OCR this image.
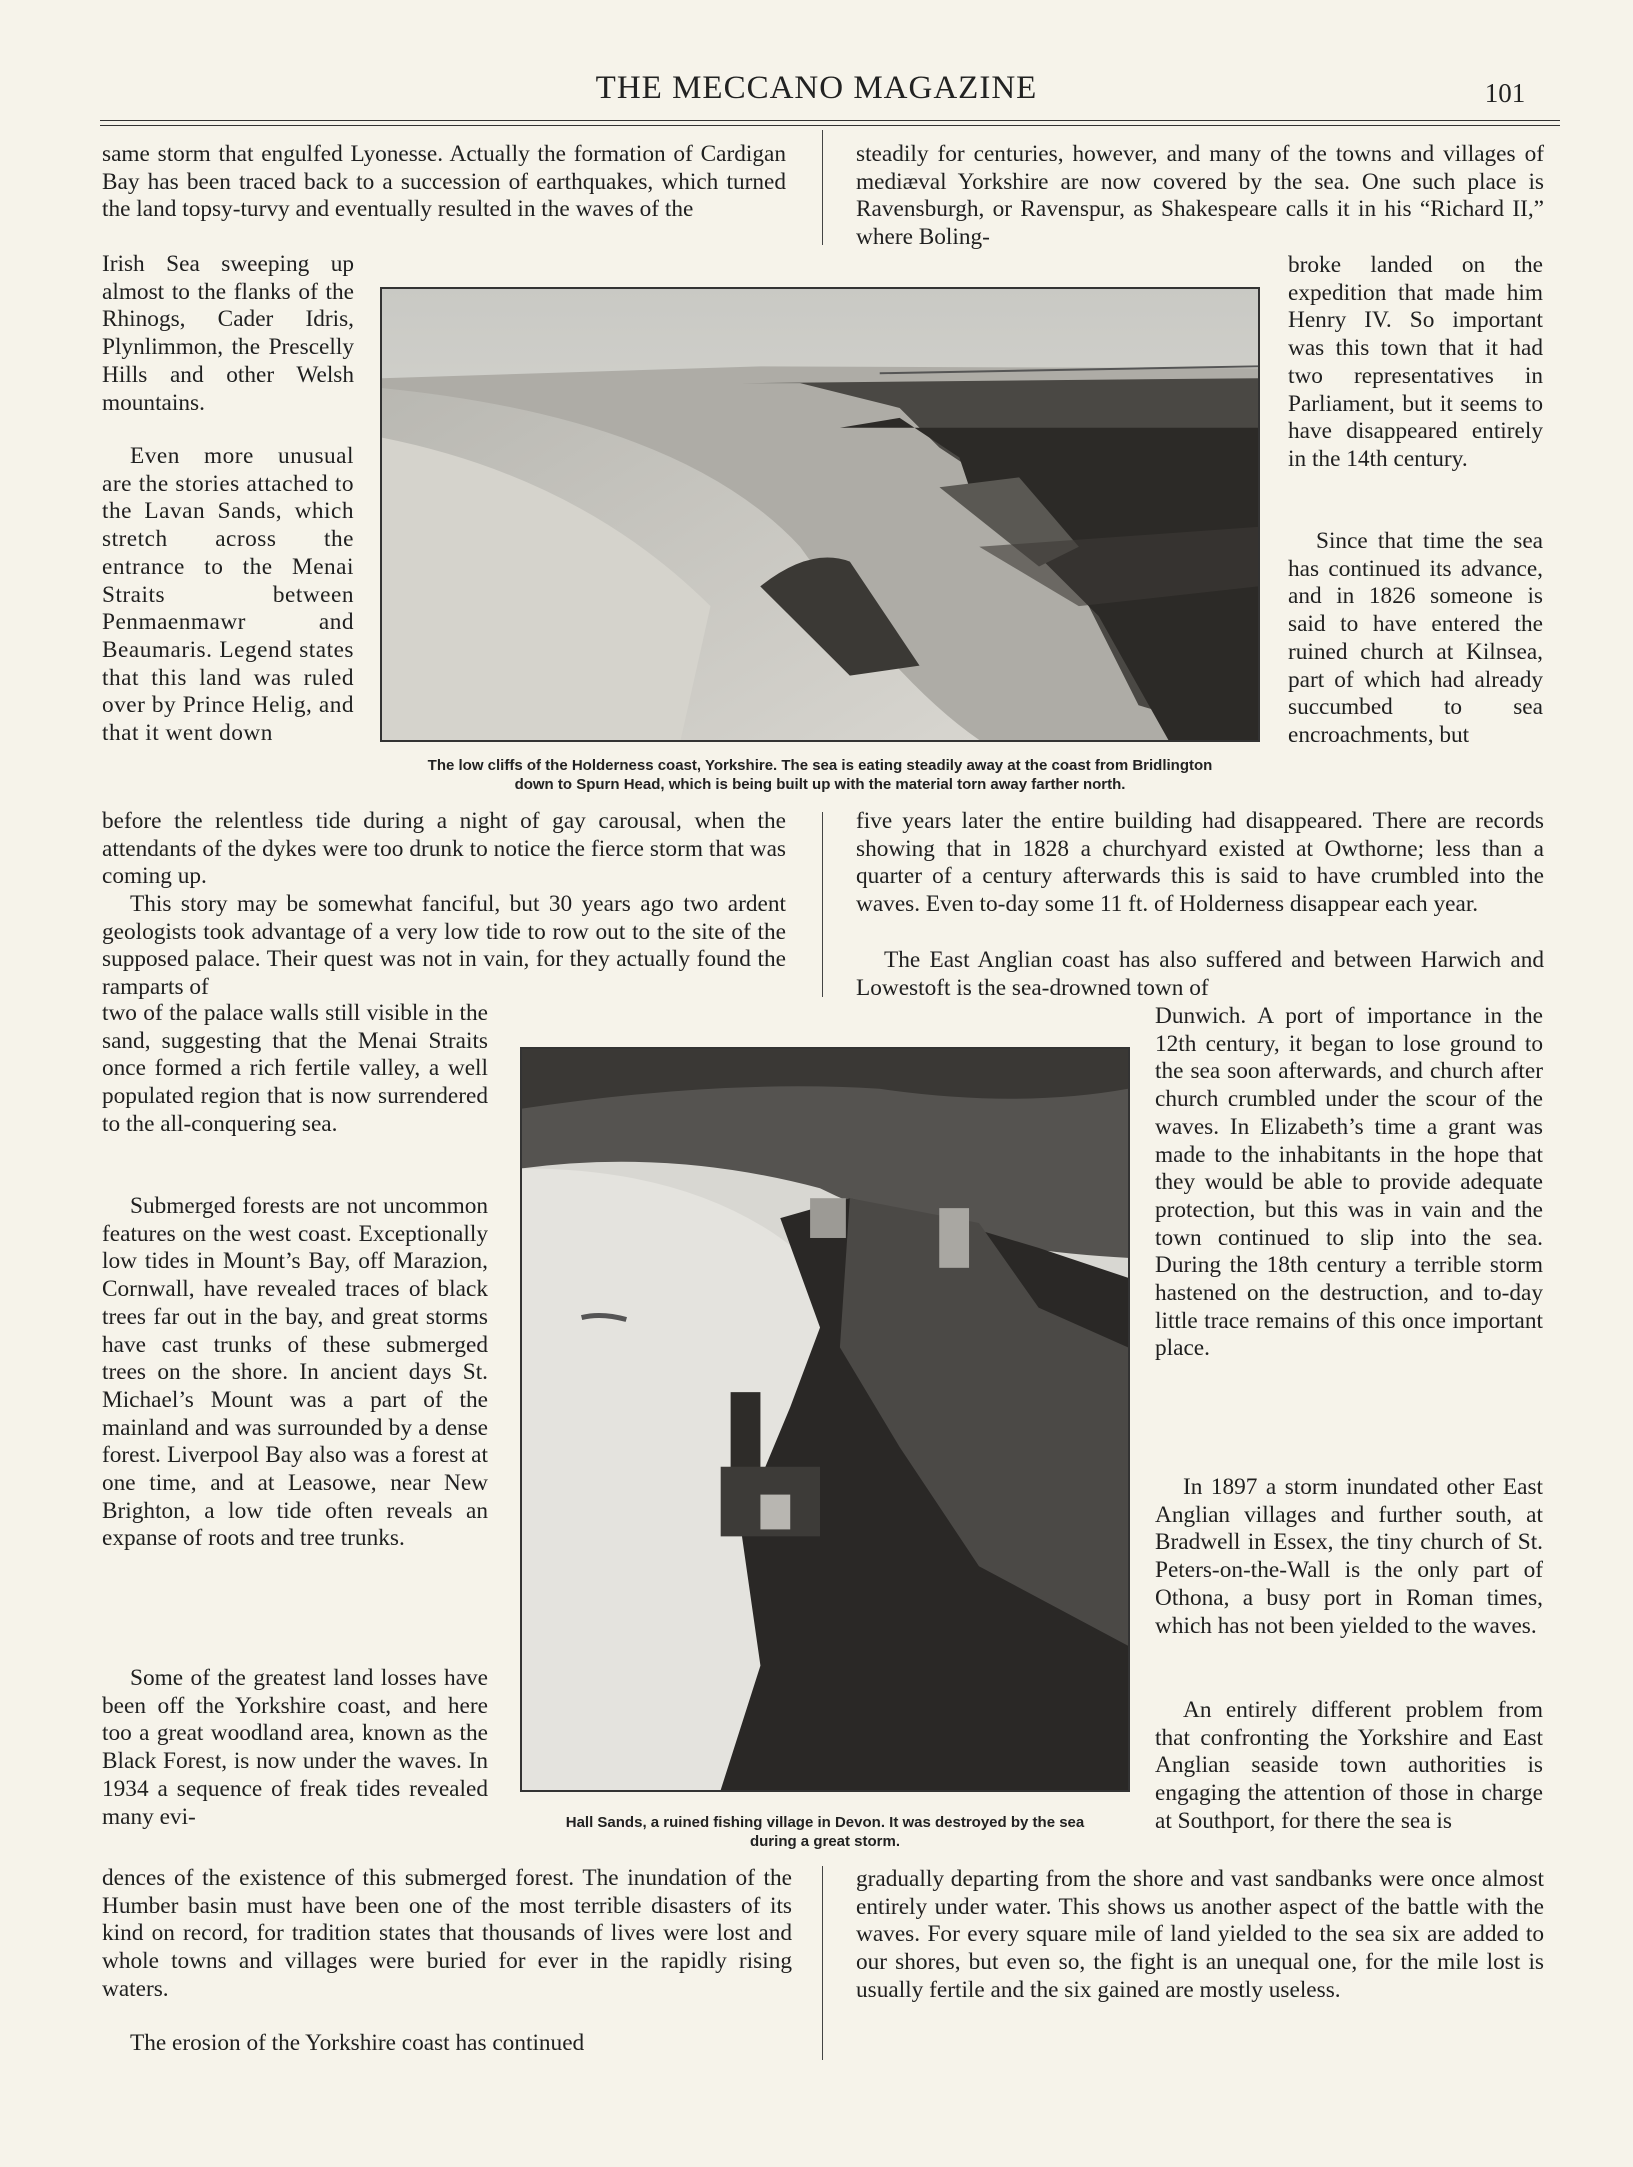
THE MECCANO MAGAZINE	101
The low cliffs of the Holderness coast, Yorkshire. The sea is eating steadily away at the coast from Bridlington
down to Spurn Head, which is being built up with the material torn away farther north.
Hall Sands, a ruined fishing village in Devon. It was destroyed by the sea
during a great storm.

same storm that engulfed Lyonesse. Actually the formation of Cardigan Bay has been traced back to a succession of earthquakes, which turned the land topsy-turvy and eventually resulted in the waves of the

Irish Sea sweeping up almost to the flanks of the Rhinogs, Cader Idris, Plynlimmon, the Prescelly Hills and other Welsh mountains.

Even more unusual are the stories attached to the Lavan Sands, which stretch across the entrance to the Menai Straits between Penmaenmawr and Beaumaris. Legend states that this land was ruled over by Prince Helig, and that it went down

before the relentless tide during a night of gay carousal, when the attendants of the dykes were too drunk to notice the fierce storm that was coming up.

This story may be somewhat fanciful, but 30 years ago two ardent geologists took advantage of a very low tide to row out to the site of the supposed palace. Their quest was not in vain, for they actually found the ramparts of

two of the palace walls still visible in the sand, suggesting that the Menai Straits once formed a rich fertile valley, a well populated region that is now surrendered to the all-conquering sea.

Submerged forests are not uncommon features on the west coast. Exceptionally low tides in Mount’s Bay, off Marazion, Cornwall, have revealed traces of black trees far out in the bay, and great storms have cast trunks of these submerged trees on the shore. In ancient days St. Michael’s Mount was a part of the mainland and was surrounded by a dense forest. Liverpool Bay also was a forest at one time, and at Leasowe, near New Brighton, a low tide often reveals an expanse of roots and tree trunks.

Some of the greatest land losses have been off the Yorkshire coast, and here too a great woodland area, known as the Black Forest, is now under the waves. In 1934 a sequence of freak tides revealed many evi-

dences of the existence of this submerged forest. The inundation of the Humber basin must have been one of the most terrible disasters of its kind on record, for tradition states that thousands of lives were lost and whole towns and villages were buried for ever in the rapidly rising waters.

The erosion of the Yorkshire coast has continued

steadily for centuries, however, and many of the towns and villages of mediæval Yorkshire are now covered by the sea. One such place is Ravensburgh, or Ravenspur, as Shakespeare calls it in his “Richard II,” where Boling-

broke landed on the expedition that made him Henry IV. So important was this town that it had two representatives in Parliament, but it seems to have disappeared entirely in the 14th century.

Since that time the sea has continued its advance, and in 1826 someone is said to have entered the ruined church at Kilnsea, part of which had already succumbed to sea encroachments, but

five years later the entire building had disappeared. There are records showing that in 1828 a churchyard existed at Owthorne; less than a quarter of a century afterwards this is said to have crumbled into the waves. Even to-day some 11 ft. of Holderness disappear each year.

The East Anglian coast has also suffered and between Harwich and Lowestoft is the sea-drowned town of

Dunwich. A port of importance in the 12th century, it began to lose ground to the sea soon afterwards, and church after church crumbled under the scour of the waves. In Elizabeth’s time a grant was made to the inhabitants in the hope that they would be able to provide adequate protection, but this was in vain and the town continued to slip into the sea. During the 18th century a terrible storm hastened on the destruction, and to-day little trace remains of this once important place.

In 1897 a storm inundated other East Anglian villages and further south, at Bradwell in Essex, the tiny church of St. Peters-on-the-Wall is the only part of Othona, a busy port in Roman times, which has not been yielded to the waves.

An entirely different problem from that confronting the Yorkshire and East Anglian seaside town authorities is engaging the attention of those in charge at Southport, for there the sea is

gradually departing from the shore and vast sandbanks were once almost entirely under water. This shows us another aspect of the battle with the waves. For every square mile of land yielded to the sea six are added to our shores, but even so, the fight is an unequal one, for the mile lost is usually fertile and the six gained are mostly useless.
